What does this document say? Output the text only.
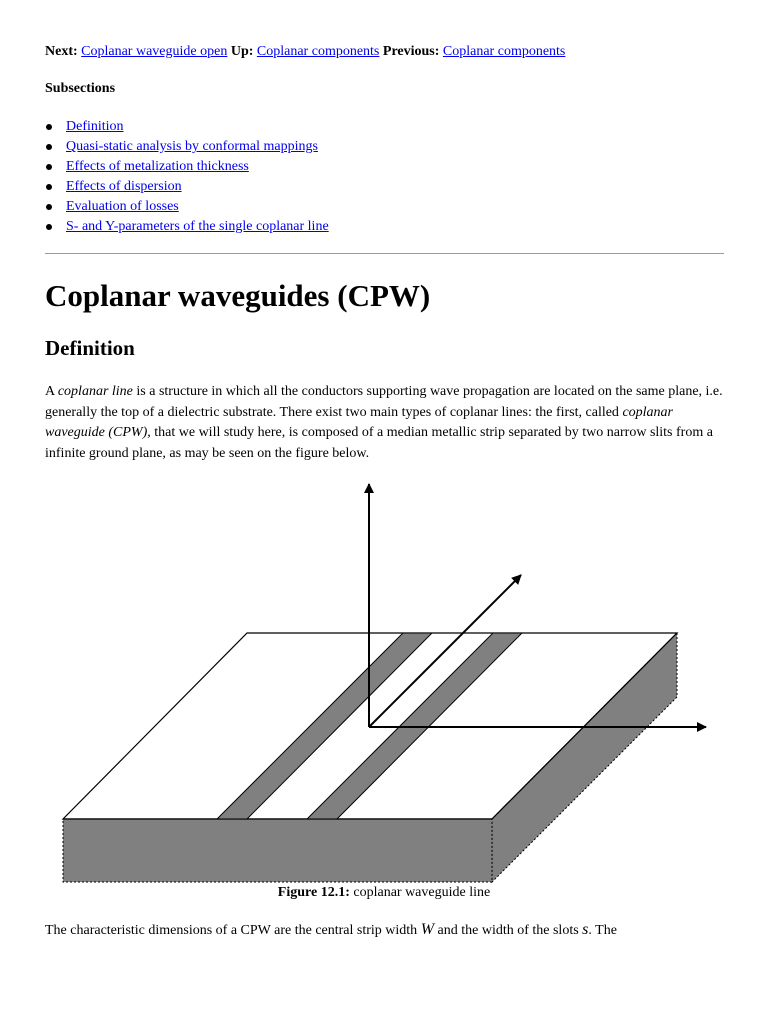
Next: Coplanar waveguide open Up: Coplanar components Previous: Coplanar components
Subsections
Definition
Quasi-static analysis by conformal mappings
Effects of metalization thickness
Effects of dispersion
Evaluation of losses
S- and Y-parameters of the single coplanar line
Coplanar waveguides (CPW)
Definition

A coplanar line is a structure in which all the conductors supporting wave propagation are located on the same plane, i.e. generally the top of a dielectric substrate. There exist two main types of coplanar lines: the first, called coplanar waveguide (CPW), that we will study here, is composed of a median metallic strip separated by two narrow slits from a infinite ground plane, as may be seen on the figure below.

Figure 12.1: coplanar waveguide line

The characteristic dimensions of a CPW are the central strip width W and the width of the slots s. The
